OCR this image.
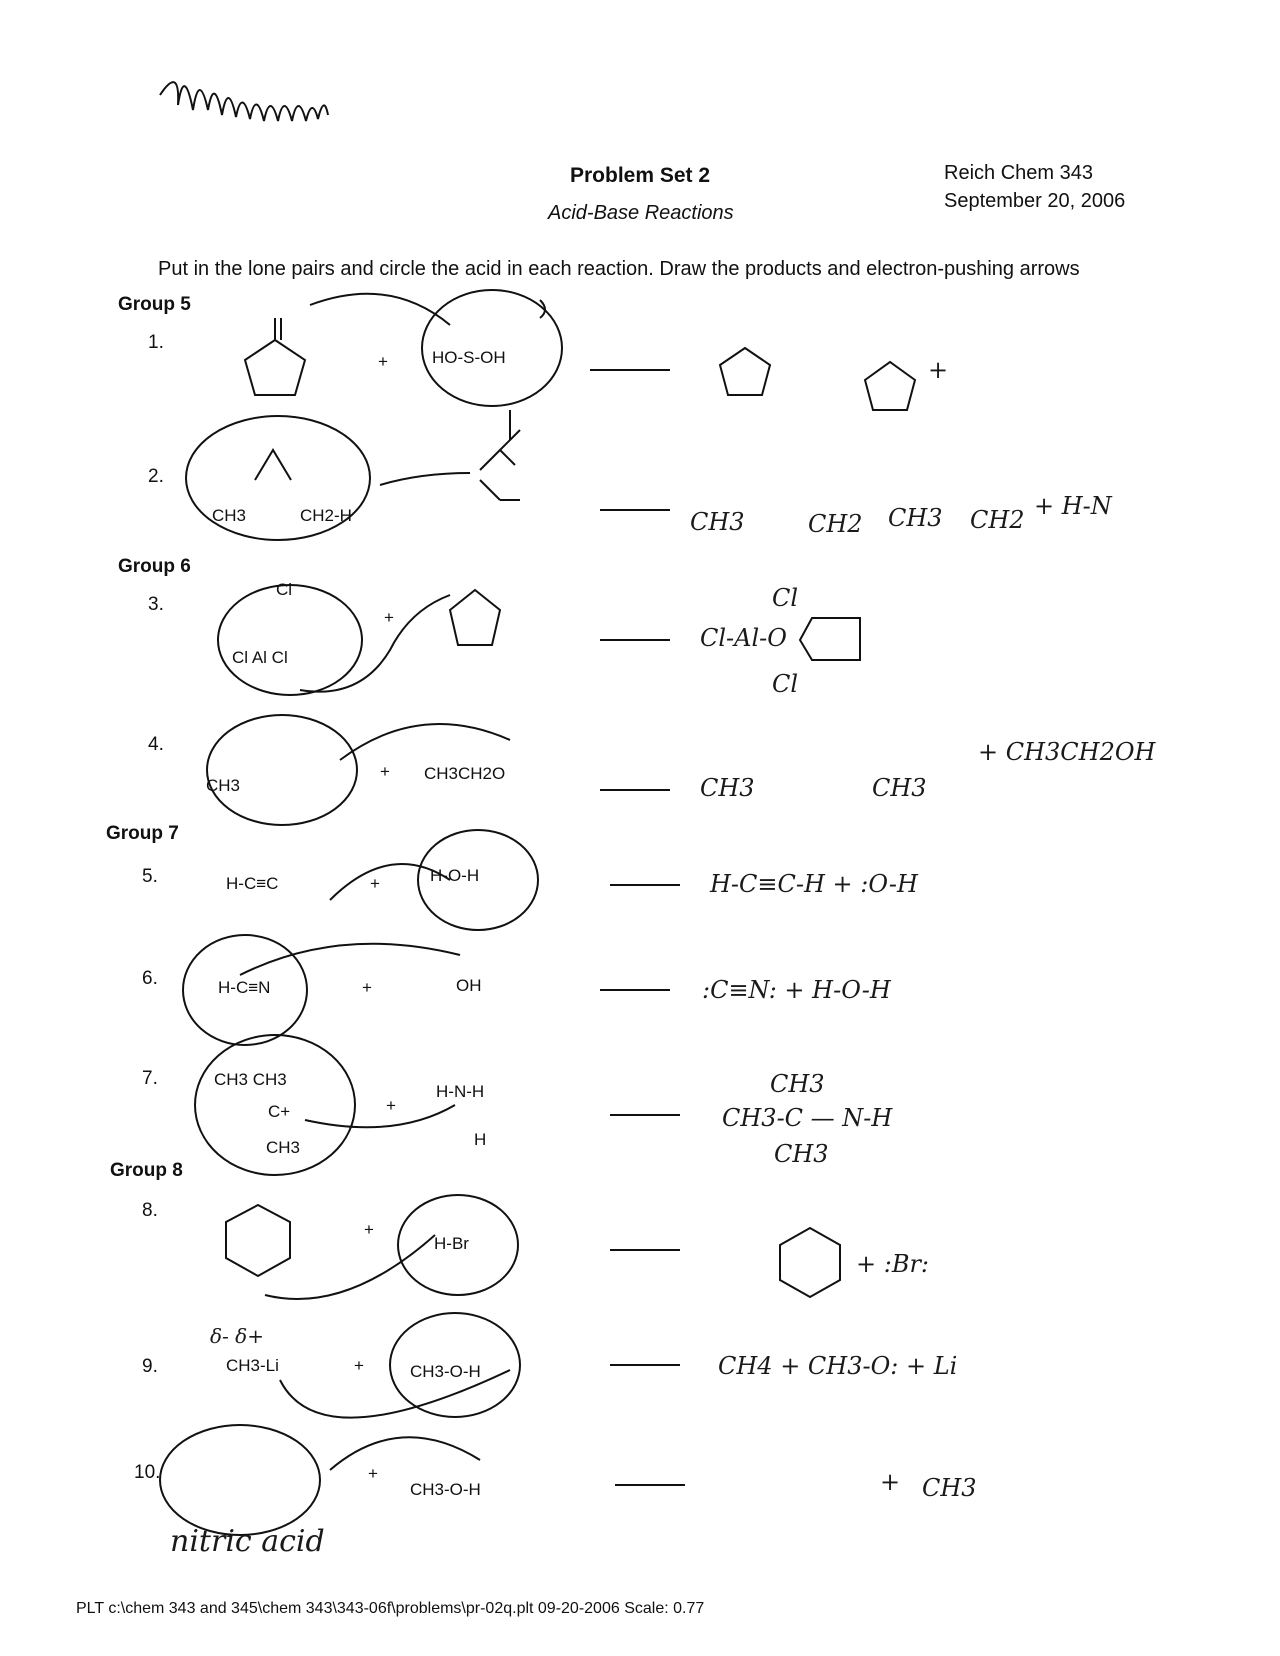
Problem Set 2
Acid-Base Reactions
Reich Chem 343
September 20, 2006
Put in the lone pairs and circle the acid in each reaction. Draw the products and electron-pushing arrows
Group 5
Group 6
Group 7
Group 8
1.
+	HO-S-OH	+
2.
CH3	CH2-H	CH3	CH2 CH3 CH2 + H-N
3.
Cl
Cl Al Cl
+
Cl
Cl-Al-O
Cl
4.
CH3
+ CH3CH2O
CH3	CH3
+ CH3CH2OH
5.	H-C≡C	+	H-O-H	H-C≡C-H + :O-H
6.	H-C≡N	+	OH	:C≡N: + H-O-H
7.	CH3 CH3
C+
CH3
+
H-N-H
H
CH3
CH3-C — N-H
CH3
8.
+
H-Br
+ :Br:
9.
δ- δ+
CH3-Li	+	CH3-O-H	CH4 + CH3-O: + Li
10.	+
CH3-O-H
nitric acid
+ CH3
PLT c:\chem 343 and 345\chem 343\343-06f\problems\pr-02q.plt 09-20-2006 Scale: 0.77
